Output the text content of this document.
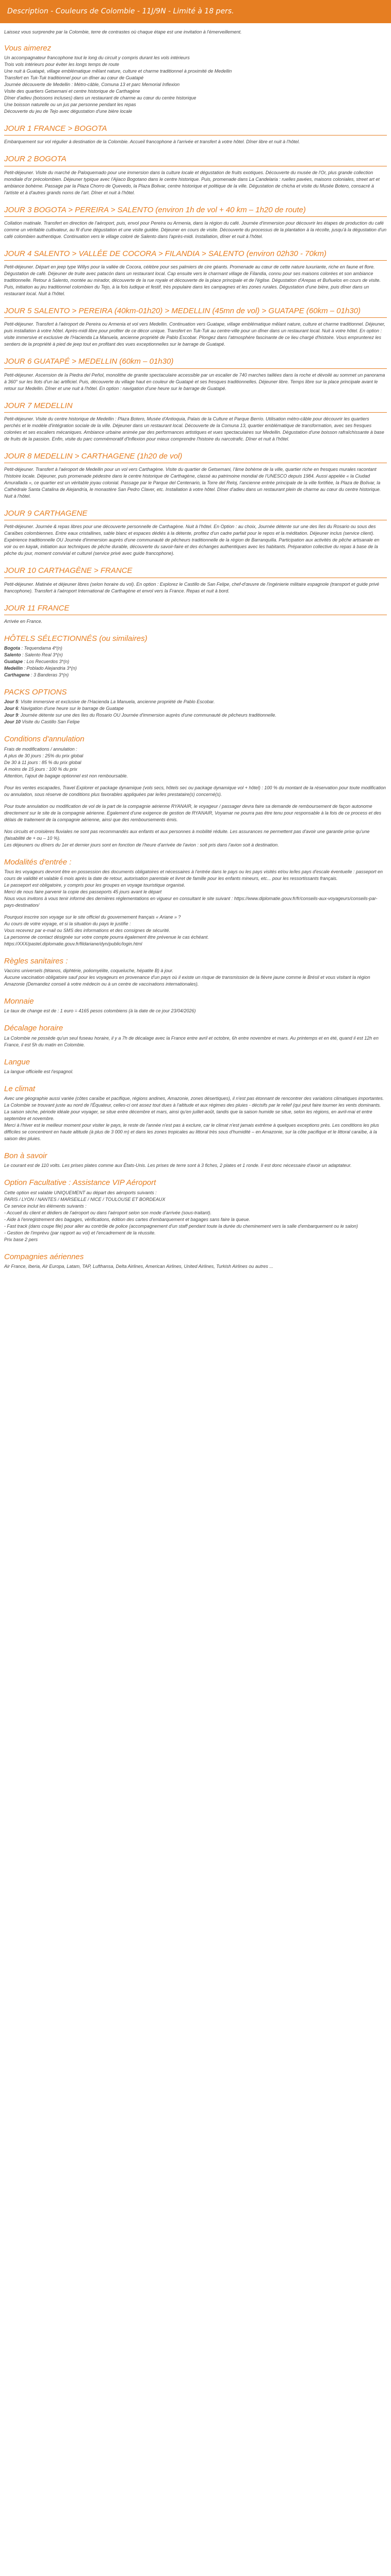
Description - Couleurs de Colombie - 11J/9N - Limité à 18 pers.
Laissez vous surprendre par la Colombie, terre de contrastes où chaque étape est une invitation à l'émerveillement.
Vous aimerez
Un accompagnateur francophone tout le long du circuit y compris durant les vols intérieurs
Trois vols intérieurs pour éviter les longs temps de route
Une nuit à Guatapé, village emblématique mêlant nature, culture et charme traditionnel à proximité de Medellin
Transfert en Tuk-Tuk traditionnel pour un dîner au cœur de Guatapé
Journée découverte de Medellin : Métro-câble, Comuna 13 et parc Memorial Inflexion
Visite des quartiers Getsemani et centre historique de Carthagène
Dîner d'adieu (boissons incluses) dans un restaurant de charme au cœur du centre historique
Une boisson naturelle ou un jus par personne pendant les repas
Découverte du jeu de Tejo avec dégustation d'une bière locale
JOUR 1 FRANCE > BOGOTA
Embarquement sur vol régulier à destination de la Colombie. Accueil francophone à l'arrivée et transfert à votre hôtel. Dîner libre et nuit à l'hôtel.
JOUR 2 BOGOTA
Petit-déjeuner. Visite du marché de Paloquemado pour une immersion dans la culture locale et dégustation de fruits exotiques. Découverte du musée de l'Or, plus grande collection mondiale d'or précolombien. Déjeuner typique avec l'Ajiaco Bogotano dans le centre historique. Puis, promenade dans La Candelaria : ruelles pavées, maisons coloniales, street art et ambiance bohème. Passage par la Plaza Chorro de Quevedo, la Plaza Bolivar, centre historique et politique de la ville. Dégustation de chicha et visite du Musée Botero, consacré à l'artiste et à d'autres grands noms de l'art. Dîner et nuit à l'hôtel.
JOUR 3 BOGOTA > PEREIRA > SALENTO (environ 1h de vol + 40 km – 1h20 de route)
Collation matinale. Transfert en direction de l'aéroport, puis, envol pour Pereira ou Armenia, dans la région du café. Journée d'immersion pour découvrir les étapes de production du café comme un véritable cultivateur, au fil d'une dégustation et une visite guidée. Déjeuner en cours de visite. Découverte du processus de la plantation à la récolte, jusqu'à la dégustation d'un café colombien authentique. Continuation vers le village coloré de Salento dans l'après-midi. Installation, dîner et nuit à l'hôtel.
JOUR 4 SALENTO > VALLÉE DE COCORA > FILANDIA > SALENTO (environ 02h30 - 70km)
Petit-déjeuner. Départ en jeep type Willys pour la vallée de Cocora, célèbre pour ses palmiers de cire géants. Promenade au cœur de cette nature luxuriante, riche en faune et flore. Dégustation de café. Déjeuner de truite avec patacón dans un restaurant local. Cap ensuite vers le charmant village de Filandia, connu pour ses maisons colorées et son ambiance traditionnelle. Retour à Salento, montée au mirador, découverte de la rue royale et découverte de la place principale et de l'église. Dégustation d'Arepas et Buñuelos en cours de visite. Puis, initiation au jeu traditionnel colombien du Tejo, à la fois ludique et festif, très populaire dans les campagnes et les zones rurales. Dégustation d'une bière, puis dîner dans un restaurant local. Nuit à l'hôtel.
JOUR 5 SALENTO > PEREIRA (40km-01h20) > MEDELLIN (45mn de vol) > GUATAPE (60km – 01h30)
Petit-déjeuner. Transfert à l'aéroport de Pereira ou Armenia et vol vers Medellin. Continuation vers Guatape, village emblématique mêlant nature, culture et charme traditionnel. Déjeuner, puis installation à votre hôtel. Après-midi libre pour profiter de ce décor unique. Transfert en Tuk-Tuk au centre-ville pour un dîner dans un restaurant local. Nuit à votre hôtel. En option : visite immersive et exclusive de l'Hacienda La Manuela, ancienne propriété de Pablo Escobar. Plongez dans l'atmosphère fascinante de ce lieu chargé d'histoire. Vous emprunterez les sentiers de la propriété à pied de jeep tout en profitant des vues exceptionnelles sur le barrage de Guatapé.
JOUR 6 GUATAPÉ > MEDELLIN (60km – 01h30)
Petit-déjeuner. Ascension de la Piedra del Peñol, monolithe de granite spectaculaire accessible par un escalier de 740 marches taillées dans la roche et dévoilé au sommet un panorama à 360° sur les îlots d'un lac artificiel. Puis, découverte du village haut en couleur de Guatapé et ses fresques traditionnelles. Déjeuner libre. Temps libre sur la place principale avant le retour sur Medellin. Dîner et une nuit à l'hôtel. En option : navigation d'une heure sur le barrage de Guatapé.
JOUR 7 MEDELLIN
Petit-déjeuner. Visite du centre historique de Medellin : Plaza Botero, Musée d'Antioquia, Palais de la Culture et Parque Berrío. Utilisation métro-câble pour découvrir les quartiers perchés et le modèle d'intégration sociale de la ville. Déjeuner dans un restaurant local. Découverte de la Comuna 13, quartier emblématique de transformation, avec ses fresques colorées et ses escaliers mécaniques. Ambiance urbaine animée par des performances artistiques et vues spectaculaires sur Medellin. Dégustation d'une boisson rafraîchissante à base de fruits de la passion. Enfin, visite du parc commémoratif d'Inflexion pour mieux comprendre l'histoire du narcotrafic. Dîner et nuit à l'hôtel.
JOUR 8 MEDELLIN > CARTHAGENE (1h20 de vol)
Petit-déjeuner. Transfert à l'aéroport de Medellin pour un vol vers Carthagène. Visite du quartier de Getsemani, l'âme bohème de la ville, quartier riche en fresques murales racontant l'histoire locale. Déjeuner, puis promenade pédestre dans le centre historique de Carthagène, classé au patrimoine mondial de l'UNESCO depuis 1984. Aussi appelée « la Ciudad Amurallada », ce quartier est un véritable joyau colonial. Passage par le Parque del Centenario, la Torre del Reloj, l'ancienne entrée principale de la ville fortifiée, la Plaza de Bolívar, la Cathédrale Santa Catalina de Alejandría, le monastère San Pedro Claver, etc. Installation à votre hôtel. Dîner d'adieu dans un restaurant plein de charme au cœur du centre historique. Nuit à l'hôtel.
JOUR 9 CARTHAGENE
Petit-déjeuner. Journée & repas libres pour une découverte personnelle de Carthagène. Nuit à l'hôtel. En Option : au choix, Journée détente sur une des îles du Rosario ou sous des Caraïbes colombiennes. Entre eaux cristallines, sable blanc et espaces dédiés à la détente, profitez d'un cadre parfait pour le repos et la méditation. Déjeuner inclus (service client). Expérience traditionnelle OU Journée d'immersion auprès d'une communauté de pêcheurs traditionnelle de la région de Barranquilla. Participation aux activités de pêche artisanale en voir ou en kayak, initiation aux techniques de pêche durable, découverte du savoir-faire et des échanges authentiques avec les habitants. Préparation collective du repas à base de la pêche du jour, moment convivial et culturel (service privé avec guide francophone).
JOUR 10 CARTHAGÈNE > FRANCE
Petit-déjeuner. Matinée et déjeuner libres (selon horaire du vol). En option : Explorez le Castillo de San Felipe, chef-d'œuvre de l'ingénierie militaire espagnole (transport et guide privé francophone). Transfert à l'aéroport International de Carthagène et envol vers la France. Repas et nuit à bord.
JOUR 11 FRANCE
Arrivée en France.
HÔTELS SÉLECTIONNÉS (ou similaires)
Bogota : Tequendama 4*(n)
Salento : Salento Real 3*(n)
Guatape : Los Recuerdos 3*(n)
Medellin : Poblado Alejandria 3*(n)
Carthagene : 3 Banderas 3*(n)
PACKS OPTIONS
Jour 5: Visite immersive et exclusive de l'Hacienda La Manuela, ancienne propriété de Pablo Escobar.
Jour 6: Navigation d'une heure sur le barrage de Guatape
Jour 9: Journée détente sur une des îles du Rosario OU Journée d'immersion auprès d'une communauté de pêcheurs traditionnelle.
Jour 10 Visite du Castillo San Felipe
Conditions d'annulation
Frais de modifications / annulation :
A plus de 30 jours : 25% du prix global
De 30 à 11 jours : 85 % du prix global
A moins de 15 jours : 100 % du prix
Attention, l'ajout de bagage optionnel est non remboursable.
Pour les ventes escapades, Travel Explorer et package dynamique (vols secs, hôtels sec ou package dynamique vol + hôtel) : 100 % du montant de la réservation pour toute modification ou annulation, sous réserve de conditions plus favorables appliquées par le/les prestataire(s) concerné(s).
Pour toute annulation ou modification de vol de la part de la compagnie aérienne RYANAIR, le voyageur / passager devra faire sa demande de remboursement de façon autonome directement sur le site de la compagnie aérienne. Egalement d'une exigence de gestion de RYANAIR, Voyamar ne pourra pas être tenu pour responsable à la fois de ce process et des délais de traitement de la compagnie aérienne, ainsi que des remboursements émis.
Nos circuits et croisières fluviales ne sont pas recommandés aux enfants et aux personnes à mobilité réduite. Les assurances ne permettent pas d'avoir une garantie prise qu'une (faisabilité de + ou – 10 %).
Les déjeuners ou dîners du 1er et dernier jours sont en fonction de l'heure d'arrivée de l'avion : soit pris dans l'avion soit à destination.
Modalités d'entrée :
Tous les voyageurs devront être en possession des documents obligatoires et nécessaires à l'entrée dans le pays ou les pays visités et/ou le/les pays d'escale éventuelle : passeport en cours de validité et valable 6 mois après la date de retour, autorisation parentale et livret de famille pour les enfants mineurs, etc... pour les ressortissants français.
Le passeport est obligatoire, y compris pour les groupes en voyage touristique organisé.
Merci de nous faire parvenir la copie des passeports 45 jours avant le départ
Nous vous invitons à vous tenir informé des dernières réglementations en vigueur en consultant le site suivant : https://www.diplomatie.gouv.fr/fr/conseils-aux-voyageurs/conseils-par-pays-destination/
Pourquoi inscrire son voyage sur le site officiel du gouvernement français « Ariane » ?
Au cours de votre voyage, et si la situation du pays le justifie :
Vous recevrez par e-mail ou SMS des informations et des consignes de sécurité.
La personne de contact désignée sur votre compte pourra également être prévenue le cas échéant.
https://XXX/pastel.diplomatie.gouv.fr/fildariane/dyn/public/login.html
Règles sanitaires :
Vaccins universels (tétanos, diphtérie, poliomyélite, coqueluche, hépatite B) à jour.
Aucune vaccination obligatoire sauf pour les voyageurs en provenance d'un pays où il existe un risque de transmission de la fièvre jaune comme le Brésil et vous visitant la région Amazonie (Demandez conseil à votre médecin ou à un centre de vaccinations internationales).
Monnaie
Le taux de change est de : 1 euro = 4165 pesos colombiens (à la date de ce jour 23/04/2026)
Décalage horaire
La Colombie ne possède qu'un seul fuseau horaire, il y a 7h de décalage avec la France entre avril et octobre, 6h entre novembre et mars. Au printemps et en été, quand il est 12h en France, il est 5h du matin en Colombie.
Langue
La langue officielle est l'espagnol.
Le climat
Avec une géographie aussi variée (côtes caraïbe et pacifique, régions andines, Amazonie, zones désertiques), il n'est pas étonnant de rencontrer des variations climatiques importantes. La Colombie se trouvant juste au nord de l'Équateur, celles-ci ont assez tout dues à l'altitude et aux régimes des pluies - décisifs par le relief (qui peut faire tourner les vents dominants.
La saison sèche, période idéale pour voyager, se situe entre décembre et mars, ainsi qu'en juillet-août, tandis que la saison humide se situe, selon les régions, en avril-mai et entre septembre et novembre.
Merci à l'hiver est le meilleur moment pour visiter le pays, le reste de l'année n'est pas à exclure, car le climat n'est jamais extrême à quelques exceptions près. Les conditions les plus difficiles se concentrent en haute altitude (à plus de 3 000 m) et dans les zones tropicales au littoral très sous d'humidité – en Amazonie, sur la côte pacifique et le littoral caraïbe, à la saison des pluies.
Bon à savoir
Le courant est de 110 volts. Les prises plates comme aux États-Unis. Les prises de terre sont à 3 fiches, 2 plates et 1 ronde. Il est donc nécessaire d'avoir un adaptateur.
Option Facultative : Assistance VIP Aéroport
Cette option est valable UNIQUEMENT au départ des aéroports suivants :
PARIS / LYON / NANTES / MARSEILLE / NICE / TOULOUSE ET BORDEAUX
Ce service inclut les éléments suivants :
- Accueil du client et dédiers de l'aéroport ou dans l'aéroport selon son mode d'arrivée (sous-traitant).
- Aide à l'enregistrement des bagages, vérifications, édition des cartes d'embarquement et bagages sans faire la queue.
- Fast track (dans coupe file) pour aller au contrôle de police (accompagnement d'un staff pendant toute la durée du cheminement vers la salle d'embarquement ou le salon)
- Gestion de l'imprévu (par rapport au vol) et l'encadrement de la réussite.
Prix base 2 pers
Compagnies aériennes
Air France, Iberia, Air Europa, Latam, TAP, Lufthansa, Delta Airlines, American Airlines, United Airlines, Turkish Airlines ou autres ...
